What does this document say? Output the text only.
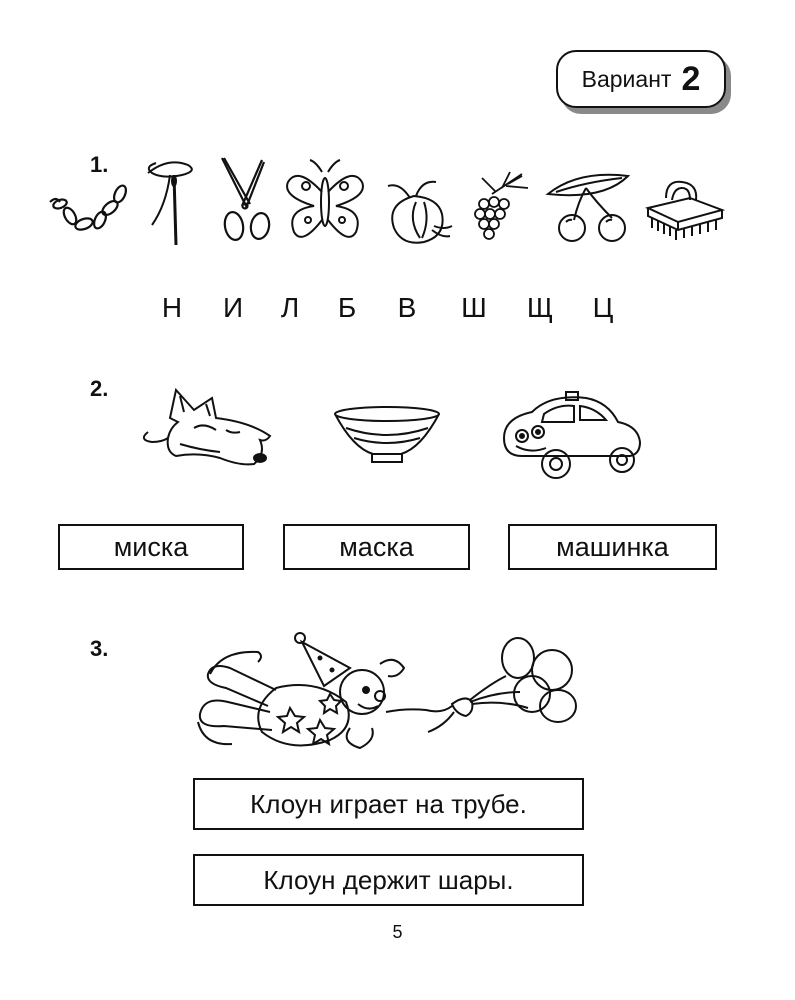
Вариант 2
1.
Н	И	Л	Б	В	Ш Щ	Ц
2.
миска	маска	машинка
3.
Клоун играет на трубе.
Клоун держит шары.
5
